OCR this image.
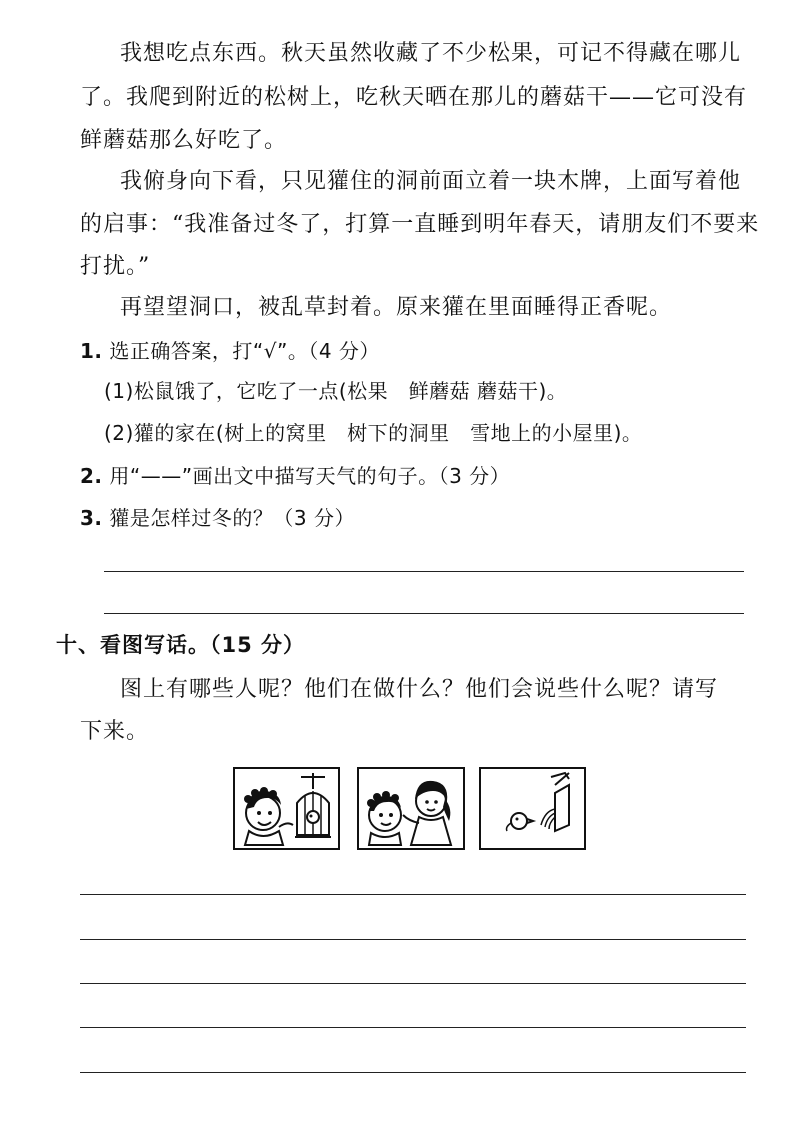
我想吃点东西。秋天虽然收藏了不少松果，可记不得藏在哪儿
了。我爬到附近的松树上，吃秋天晒在那儿的蘑菇干——它可没有
鲜蘑菇那么好吃了。
我俯身向下看，只见獾住的洞前面立着一块木牌，上面写着他
的启事：“我准备过冬了，打算一直睡到明年春天，请朋友们不要来
打扰。”
再望望洞口，被乱草封着。原来獾在里面睡得正香呢。
1. 选正确答案，打“√”。（4 分）
(1)松鼠饿了，它吃了一点(松果　鲜蘑菇 蘑菇干)。
(2)獾的家在(树上的窝里　树下的洞里　雪地上的小屋里)。
2. 用“——”画出文中描写天气的句子。（3 分）
3. 獾是怎样过冬的？（3 分）
十、看图写话。（15 分）
图上有哪些人呢？他们在做什么？他们会说些什么呢？请写
下来。
